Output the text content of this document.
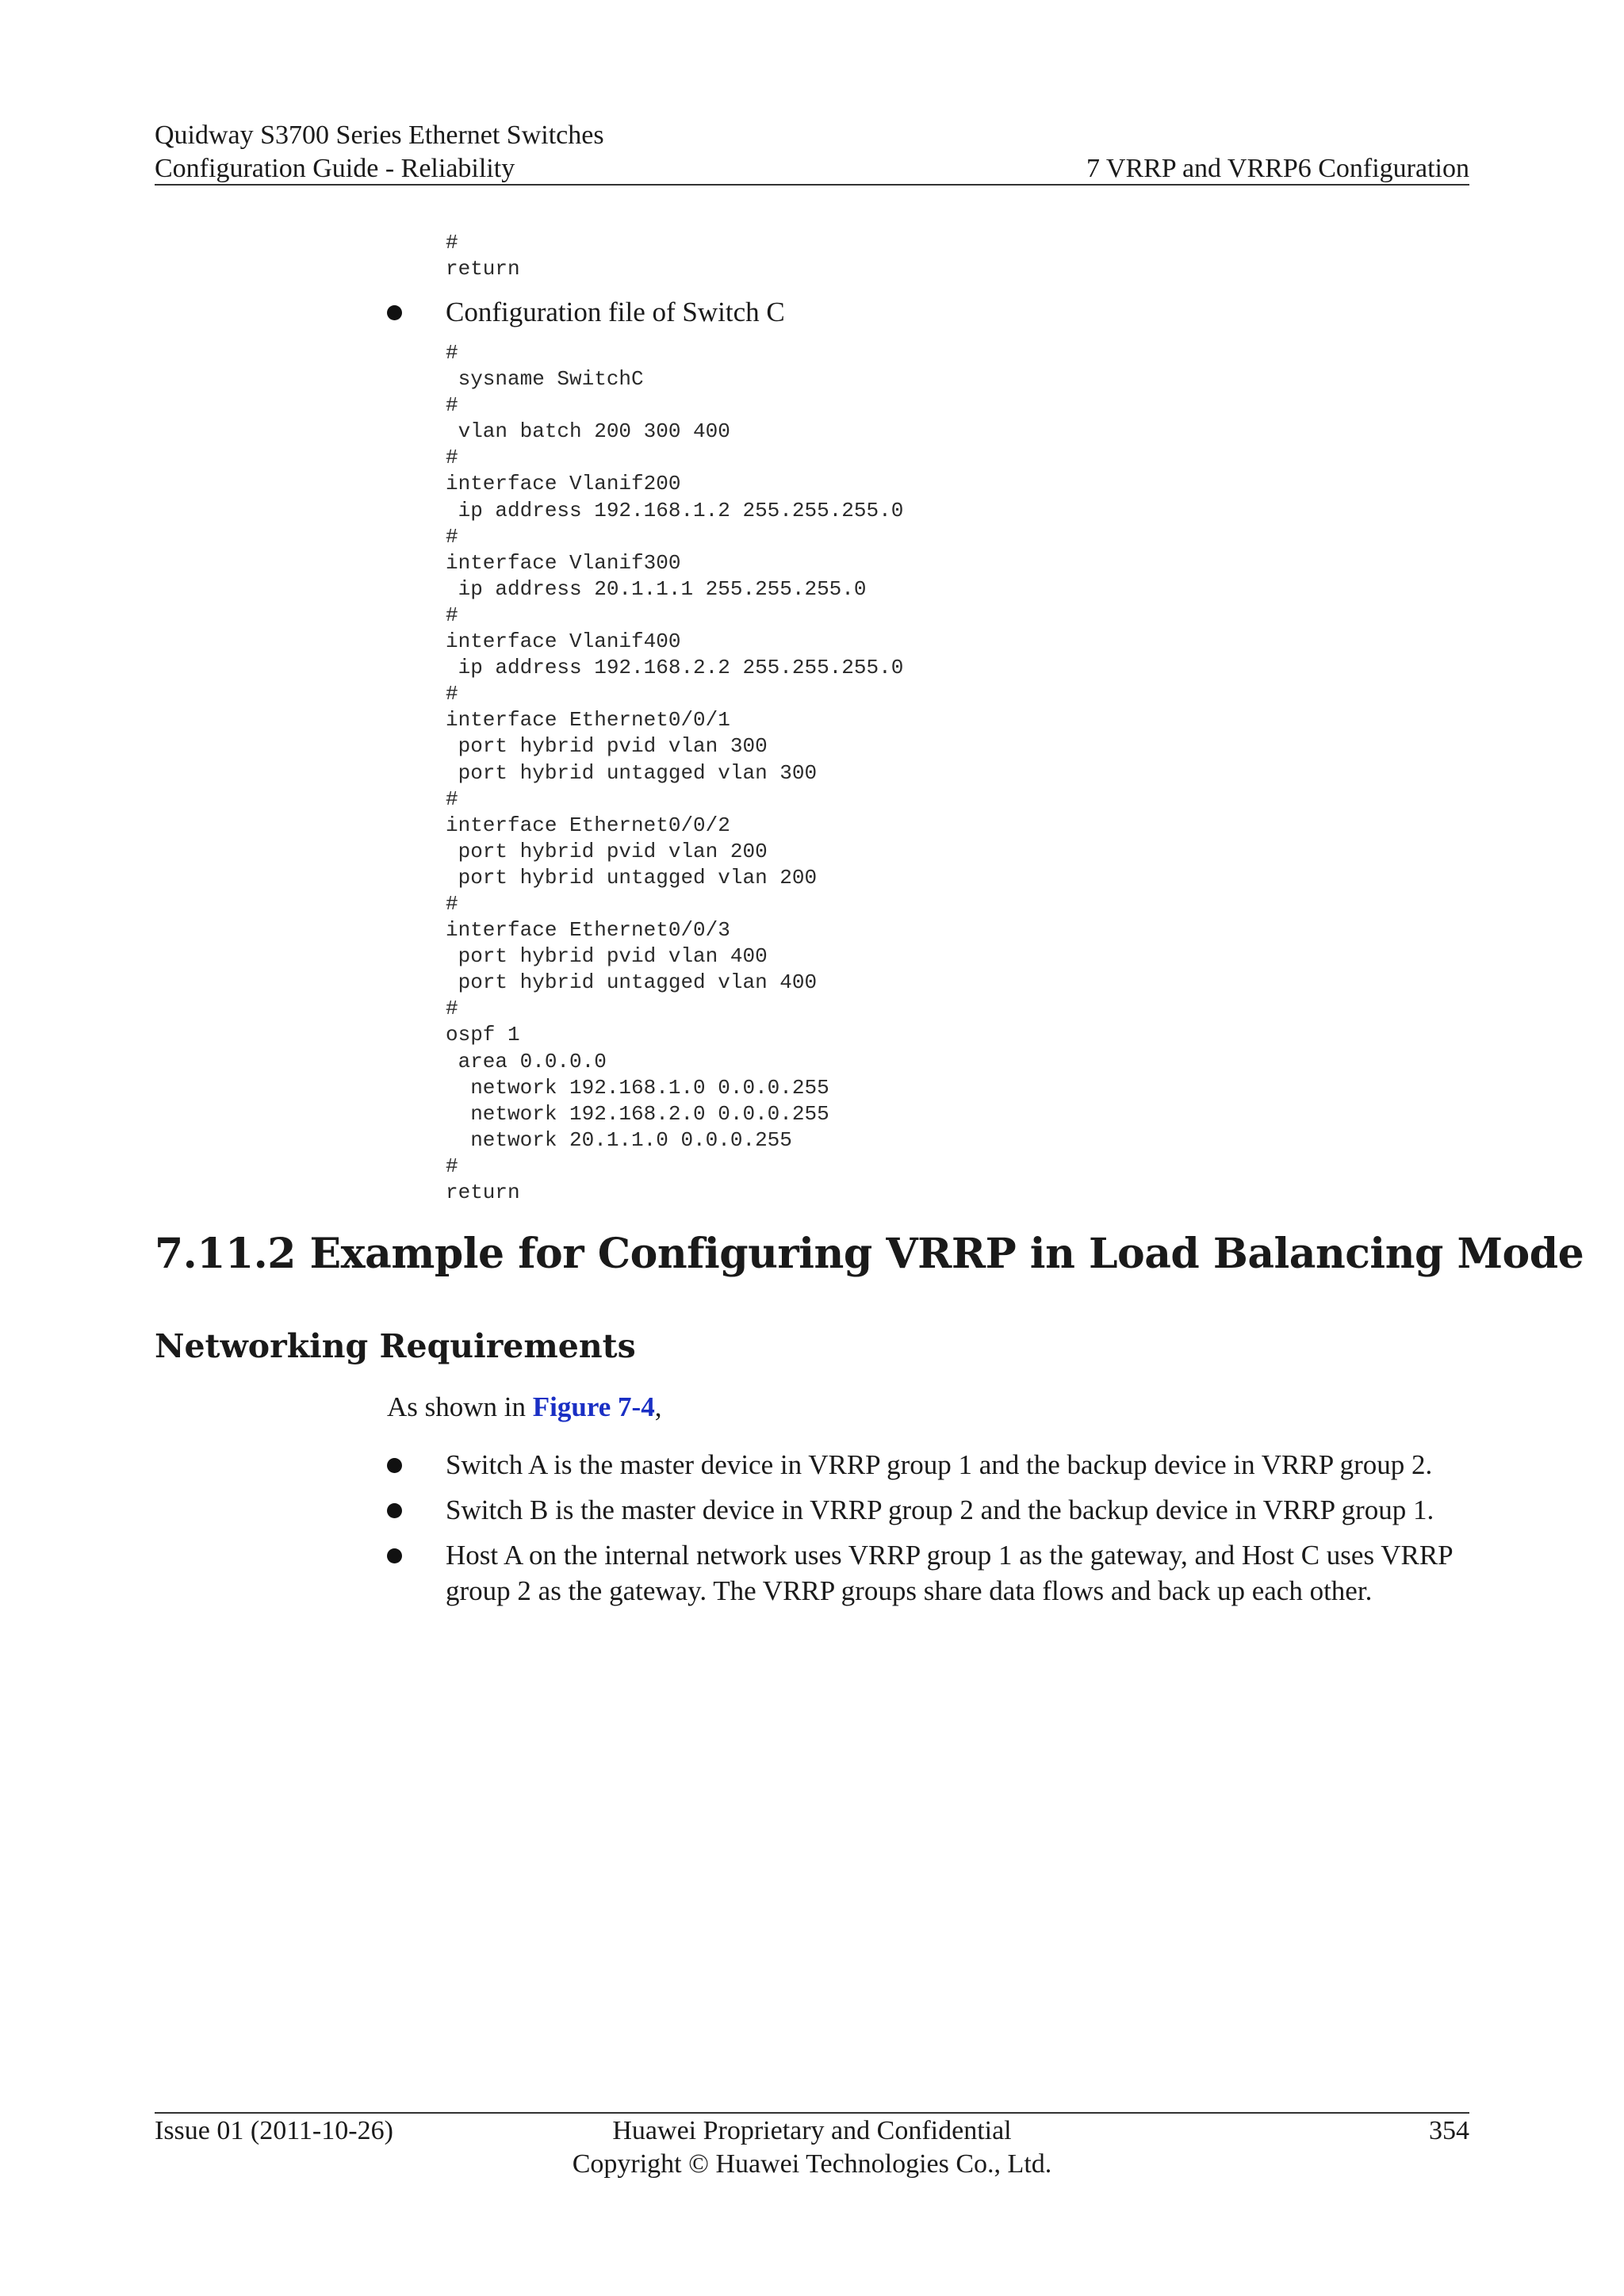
Quidway S3700 Series Ethernet Switches
Configuration Guide - Reliability	7 VRRP and VRRP6 Configuration
#
return
Configuration file of Switch C
#
sysname SwitchC
#
vlan batch 200 300 400
#
interface Vlanif200
ip address 192.168.1.2 255.255.255.0
#
interface Vlanif300
ip address 20.1.1.1 255.255.255.0
#
interface Vlanif400
ip address 192.168.2.2 255.255.255.0
#
interface Ethernet0/0/1
port hybrid pvid vlan 300
port hybrid untagged vlan 300
#
interface Ethernet0/0/2
port hybrid pvid vlan 200
port hybrid untagged vlan 200
#
interface Ethernet0/0/3
port hybrid pvid vlan 400
port hybrid untagged vlan 400
#
ospf 1
area 0.0.0.0
network 192.168.1.0 0.0.0.255
network 192.168.2.0 0.0.0.255
network 20.1.1.0 0.0.0.255
#
return
7.11.2 Example for Configuring VRRP in Load Balancing Mode
Networking Requirements
As shown in Figure 7-4,
Switch A is the master device in VRRP group 1 and the backup device in VRRP group 2.
Switch B is the master device in VRRP group 2 and the backup device in VRRP group 1.
Host A on the internal network uses VRRP group 1 as the gateway, and Host C uses VRRP group 2 as the gateway. The VRRP groups share data flows and back up each other.
Issue 01 (2011-10-26)	Huawei Proprietary and Confidential
Copyright © Huawei Technologies Co., Ltd.
354
